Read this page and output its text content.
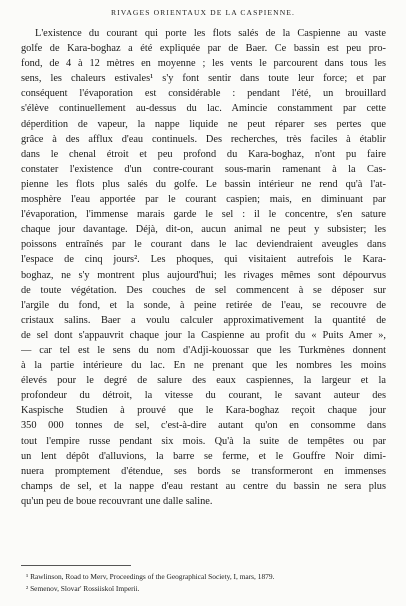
RIVAGES ORIENTAUX DE LA CASPIENNE.
L'existence du courant qui porte les flots salés de la Caspienne au vaste
golfe de Kara-boghaz a été expliquée par de Baer. Ce bassin est peu pro-
fond, de 4 à 12 mètres en moyenne ; les vents le parcourent dans tous les
sens, les chaleurs estivales¹ s'y font sentir dans toute leur force; et par
conséquent l'évaporation est considérable : pendant l'été, un brouillard
s'élève continuellement au-dessus du lac. Amincie constamment par cette
déperdition de vapeur, la nappe liquide ne peut réparer ses pertes que
grâce à des afflux d'eau continuels. Des recherches, très faciles à établir
dans le chenal étroit et peu profond du Kara-boghaz, n'ont pu faire
constater l'existence d'un contre-courant sous-marin ramenant à la Cas-
pienne les flots plus salés du golfe. Le bassin intérieur ne rend qu'à l'at-
mosphère l'eau apportée par le courant caspien; mais, en diminuant par
l'évaporation, l'immense marais garde le sel : il le concentre, s'en sature
chaque jour davantage. Déjà, dit-on, aucun animal ne peut y subsister; les
poissons entraînés par le courant dans le lac deviendraient aveugles dans
l'espace de cinq jours². Les phoques, qui visitaient autrefois le Kara-
boghaz, ne s'y montrent plus aujourd'hui; les rivages mêmes sont dépourvus
de toute végétation. Des couches de sel commencent à se déposer sur
l'argile du fond, et la sonde, à peine retirée de l'eau, se recouvre de
cristaux salins. Baer a voulu calculer approximativement la quantité de
de sel dont s'appauvrit chaque jour la Caspienne au profit du « Puits Amer »,
— car tel est le sens du nom d'Adji-kouossar que les Turkmènes donnent
à la partie intérieure du lac. En ne prenant que les nombres les moins
élevés pour le degré de salure des eaux caspiennes, la largeur et la
profondeur du détroit, la vitesse du courant, le savant auteur des
Kaspische Studien à prouvé que le Kara-boghaz reçoit chaque jour
350 000 tonnes de sel, c'est-à-dire autant qu'on en consomme dans
tout l'empire russe pendant six mois. Qu'à la suite de tempêtes ou par
un lent dépôt d'alluvions, la barre se ferme, et le Gouffre Noir dimi-
nuera promptement d'étendue, ses bords se transformeront en immenses
champs de sel, et la nappe d'eau restant au centre du bassin ne sera plus
qu'un peu de boue recouvrant une dalle saline.
¹ Rawlinson, Road to Merv, Proceedings of the Geographical Society, I, mars, 1879.
² Semenov, Slovar' Rossiiskoï Imperii.
